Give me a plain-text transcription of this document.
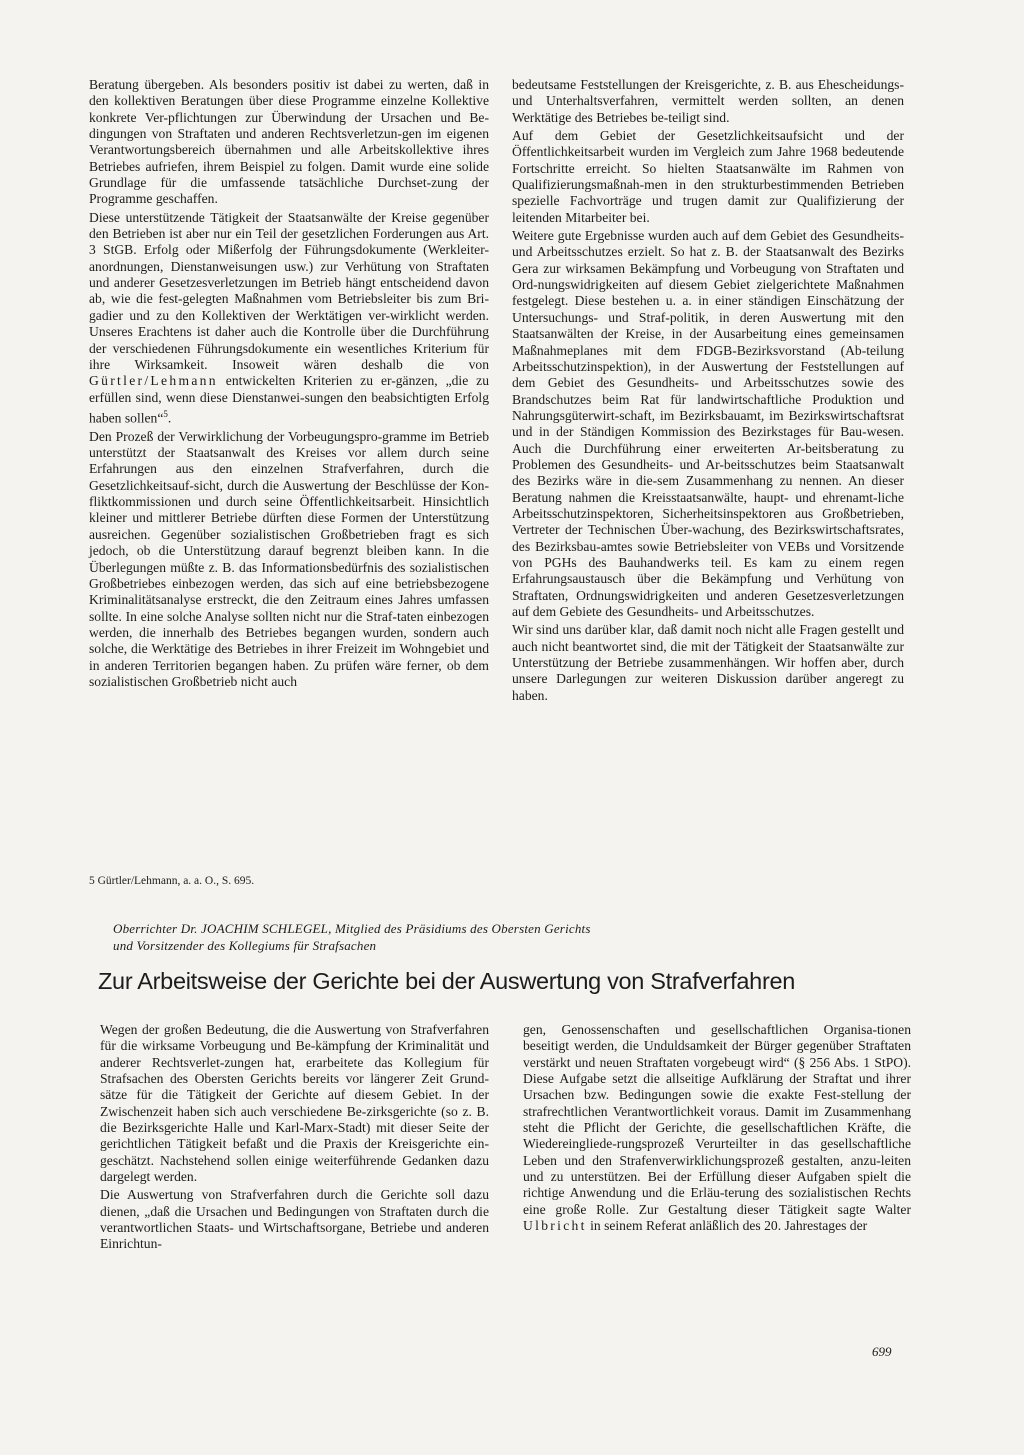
Beratung übergeben. Als besonders positiv ist dabei zu werten, daß in den kollektiven Beratungen über diese Programme einzelne Kollektive konkrete Ver-pflichtungen zur Überwindung der Ursachen und Be-dingungen von Straftaten und anderen Rechtsverletzun-gen im eigenen Verantwortungsbereich übernahmen und alle Arbeitskollektive ihres Betriebes aufriefen, ihrem Beispiel zu folgen. Damit wurde eine solide Grundlage für die umfassende tatsächliche Durchset-zung der Programme geschaffen.

Diese unterstützende Tätigkeit der Staatsanwälte der Kreise gegenüber den Betrieben ist aber nur ein Teil der gesetzlichen Forderungen aus Art. 3 StGB. Erfolg oder Mißerfolg der Führungsdokumente (Werkleiter-anordnungen, Dienstanweisungen usw.) zur Verhütung von Straftaten und anderer Gesetzesverletzungen im Betrieb hängt entscheidend davon ab, wie die fest-gelegten Maßnahmen vom Betriebsleiter bis zum Bri-gadier und zu den Kollektiven der Werktätigen ver-wirklicht werden. Unseres Erachtens ist daher auch die Kontrolle über die Durchführung der verschiedenen Führungsdokumente ein wesentliches Kriterium für ihre Wirksamkeit. Insoweit wären deshalb die von Gürtler/Lehmann entwickelten Kriterien zu er-gänzen, „die zu erfüllen sind, wenn diese Dienstanwei-sungen den beabsichtigten Erfolg haben sollen“$^5$.

Den Prozeß der Verwirklichung der Vorbeugungspro-gramme im Betrieb unterstützt der Staatsanwalt des Kreises vor allem durch seine Erfahrungen aus den einzelnen Strafverfahren, durch die Gesetzlichkeitsauf-sicht, durch die Auswertung der Beschlüsse der Kon-fliktkommissionen und durch seine Öffentlichkeitsarbeit. Hinsichtlich kleiner und mittlerer Betriebe dürften diese Formen der Unterstützung ausreichen. Gegenüber sozialistischen Großbetrieben fragt es sich jedoch, ob die Unterstützung darauf begrenzt bleiben kann. In die Überlegungen müßte z. B. das Informationsbedürfnis des sozialistischen Großbetriebes einbezogen werden, das sich auf eine betriebsbezogene Kriminalitätsanalyse erstreckt, die den Zeitraum eines Jahres umfassen sollte. In eine solche Analyse sollten nicht nur die Straf-taten einbezogen werden, die innerhalb des Betriebes begangen wurden, sondern auch solche, die Werktätige des Betriebes in ihrer Freizeit im Wohngebiet und in anderen Territorien begangen haben. Zu prüfen wäre ferner, ob dem sozialistischen Großbetrieb nicht auch

5 Gürtler/Lehmann, a. a. O., S. 695.

bedeutsame Feststellungen der Kreisgerichte, z. B. aus Ehescheidungs- und Unterhaltsverfahren, vermittelt werden sollten, an denen Werktätige des Betriebes be-teiligt sind.

Auf dem Gebiet der Gesetzlichkeitsaufsicht und der Öffentlichkeitsarbeit wurden im Vergleich zum Jahre 1968 bedeutende Fortschritte erreicht. So hielten Staatsanwälte im Rahmen von Qualifizierungsmaßnah-men in den strukturbestimmenden Betrieben spezielle Fachvorträge und trugen damit zur Qualifizierung der leitenden Mitarbeiter bei.

Weitere gute Ergebnisse wurden auch auf dem Gebiet des Gesundheits- und Arbeitsschutzes erzielt. So hat z. B. der Staatsanwalt des Bezirks Gera zur wirksamen Bekämpfung und Vorbeugung von Straftaten und Ord-nungswidrigkeiten auf diesem Gebiet zielgerichtete Maßnahmen festgelegt. Diese bestehen u. a. in einer ständigen Einschätzung der Untersuchungs- und Straf-politik, in deren Auswertung mit den Staatsanwälten der Kreise, in der Ausarbeitung eines gemeinsamen Maßnahmeplanes mit dem FDGB-Bezirksvorstand (Ab-teilung Arbeitsschutzinspektion), in der Auswertung der Feststellungen auf dem Gebiet des Gesundheits- und Arbeitsschutzes sowie des Brandschutzes beim Rat für landwirtschaftliche Produktion und Nahrungsgüterwirt-schaft, im Bezirksbauamt, im Bezirkswirtschaftsrat und in der Ständigen Kommission des Bezirkstages für Bau-wesen. Auch die Durchführung einer erweiterten Ar-beitsberatung zu Problemen des Gesundheits- und Ar-beitsschutzes beim Staatsanwalt des Bezirks wäre in die-sem Zusammenhang zu nennen. An dieser Beratung nahmen die Kreisstaatsanwälte, haupt- und ehrenamt-liche Arbeitsschutzinspektoren, Sicherheitsinspektoren aus Großbetrieben, Vertreter der Technischen Über-wachung, des Bezirkswirtschaftsrates, des Bezirksbau-amtes sowie Betriebsleiter von VEBs und Vorsitzende von PGHs des Bauhandwerks teil. Es kam zu einem regen Erfahrungsaustausch über die Bekämpfung und Verhütung von Straftaten, Ordnungswidrigkeiten und anderen Gesetzesverletzungen auf dem Gebiete des Gesundheits- und Arbeitsschutzes.

Wir sind uns darüber klar, daß damit noch nicht alle Fragen gestellt und auch nicht beantwortet sind, die mit der Tätigkeit der Staatsanwälte zur Unterstützung der Betriebe zusammenhängen. Wir hoffen aber, durch unsere Darlegungen zur weiteren Diskussion darüber angeregt zu haben.

Oberrichter Dr. JOACHIM SCHLEGEL, Mitglied des Präsidiums des Obersten Gerichts
und Vorsitzender des Kollegiums für Strafsachen
Zur Arbeitsweise der Gerichte bei der Auswertung von Strafverfahren

Wegen der großen Bedeutung, die die Auswertung von Strafverfahren für die wirksame Vorbeugung und Be-kämpfung der Kriminalität und anderer Rechtsverlet-zungen hat, erarbeitete das Kollegium für Strafsachen des Obersten Gerichts bereits vor längerer Zeit Grund-sätze für die Tätigkeit der Gerichte auf diesem Gebiet. In der Zwischenzeit haben sich auch verschiedene Be-zirksgerichte (so z. B. die Bezirksgerichte Halle und Karl-Marx-Stadt) mit dieser Seite der gerichtlichen Tätigkeit befaßt und die Praxis der Kreisgerichte ein-geschätzt. Nachstehend sollen einige weiterführende Gedanken dazu dargelegt werden.

Die Auswertung von Strafverfahren durch die Gerichte soll dazu dienen, „daß die Ursachen und Bedingungen von Straftaten durch die verantwortlichen Staats- und Wirtschaftsorgane, Betriebe und anderen Einrichtun-

gen, Genossenschaften und gesellschaftlichen Organisa-tionen beseitigt werden, die Unduldsamkeit der Bürger gegenüber Straftaten verstärkt und neuen Straftaten vorgebeugt wird“ (§ 256 Abs. 1 StPO). Diese Aufgabe setzt die allseitige Aufklärung der Straftat und ihrer Ursachen bzw. Bedingungen sowie die exakte Fest-stellung der strafrechtlichen Verantwortlichkeit voraus. Damit im Zusammenhang steht die Pflicht der Gerichte, die gesellschaftlichen Kräfte, die Wiedereingliede-rungsprozeß Verurteilter in das gesellschaftliche Leben und den Strafenverwirklichungsprozeß gestalten, anzu-leiten und zu unterstützen. Bei der Erfüllung dieser Aufgaben spielt die richtige Anwendung und die Erläu-terung des sozialistischen Rechts eine große Rolle. Zur Gestaltung dieser Tätigkeit sagte Walter Ulbricht in seinem Referat anläßlich des 20. Jahrestages der

699
